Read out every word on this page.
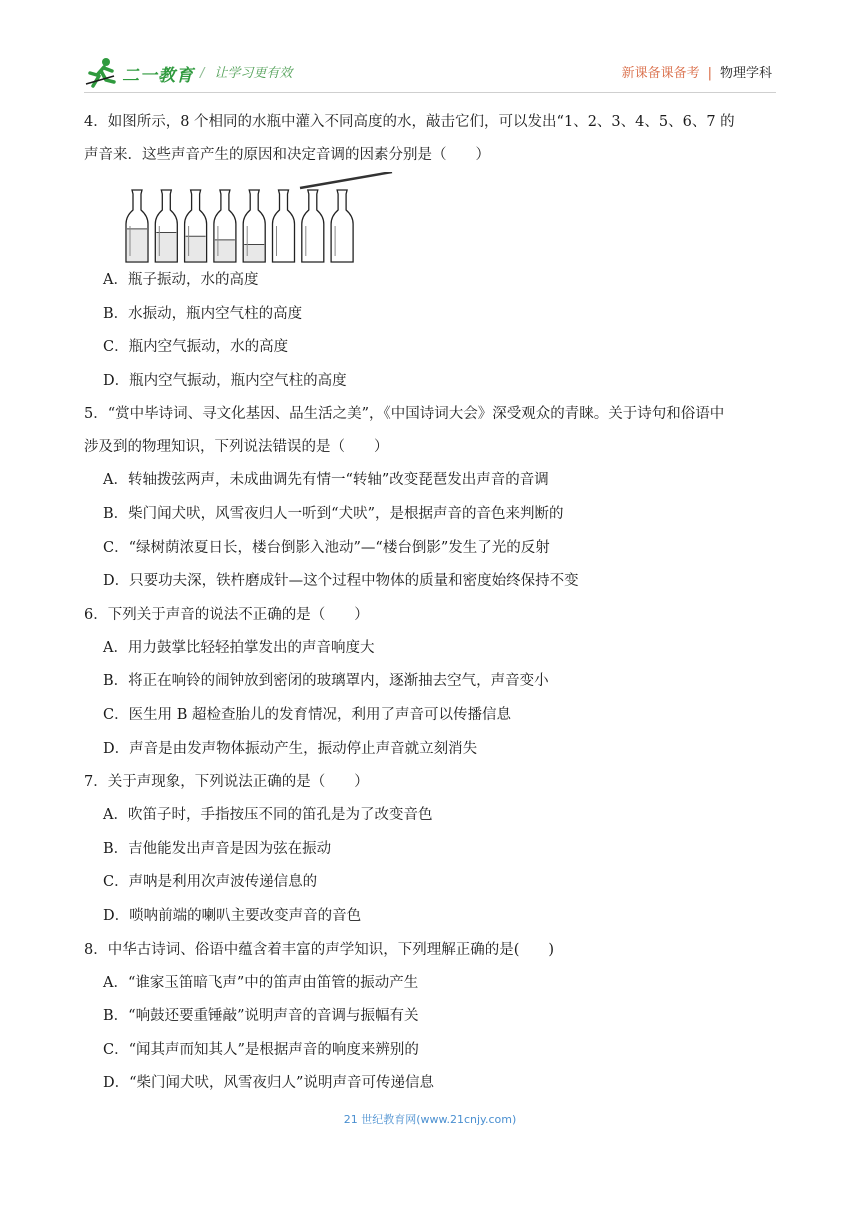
二一教育 / 让学习更有效	新课备课备考 | 物理学科
4．如图所示，8 个相同的水瓶中灌入不同高度的水，敲击它们，可以发出“1、2、3、4、5、6、7 的
声音来．这些声音产生的原因和决定音调的因素分别是（　　）
A．瓶子振动，水的高度
B．水振动，瓶内空气柱的高度
C．瓶内空气振动，水的高度
D．瓶内空气振动，瓶内空气柱的高度
5．“赏中毕诗词、寻文化基因、品生活之美”，《中国诗词大会》深受观众的青睐。关于诗句和俗语中
涉及到的物理知识，下列说法错误的是（　　）
A．转轴拨弦两声，未成曲调先有情一“转轴”改变琵琶发出声音的音调
B．柴门闻犬吠，风雪夜归人一听到“犬吠”，是根据声音的音色来判断的
C．“绿树荫浓夏日长，楼台倒影入池动”—“楼台倒影”发生了光的反射
D．只要功夫深，铁杵磨成针—这个过程中物体的质量和密度始终保持不变
6．下列关于声音的说法不正确的是（　　）
A．用力鼓掌比轻轻拍掌发出的声音响度大
B．将正在响铃的闹钟放到密闭的玻璃罩内，逐渐抽去空气，声音变小
C．医生用 B 超检查胎儿的发育情况，利用了声音可以传播信息
D．声音是由发声物体振动产生，振动停止声音就立刻消失
7．关于声现象，下列说法正确的是（　　）
A．吹笛子时，手指按压不同的笛孔是为了改变音色
B．吉他能发出声音是因为弦在振动
C．声呐是利用次声波传递信息的
D．唢呐前端的喇叭主要改变声音的音色
8．中华古诗词、俗语中蕴含着丰富的声学知识，下列理解正确的是(　　)
A．“谁家玉笛暗飞声”中的笛声由笛管的振动产生
B．“响鼓还要重锤敲”说明声音的音调与振幅有关
C．“闻其声而知其人”是根据声音的响度来辨别的
D．“柴门闻犬吠，风雪夜归人”说明声音可传递信息
21 世纪教育网(www.21cnjy.com)
